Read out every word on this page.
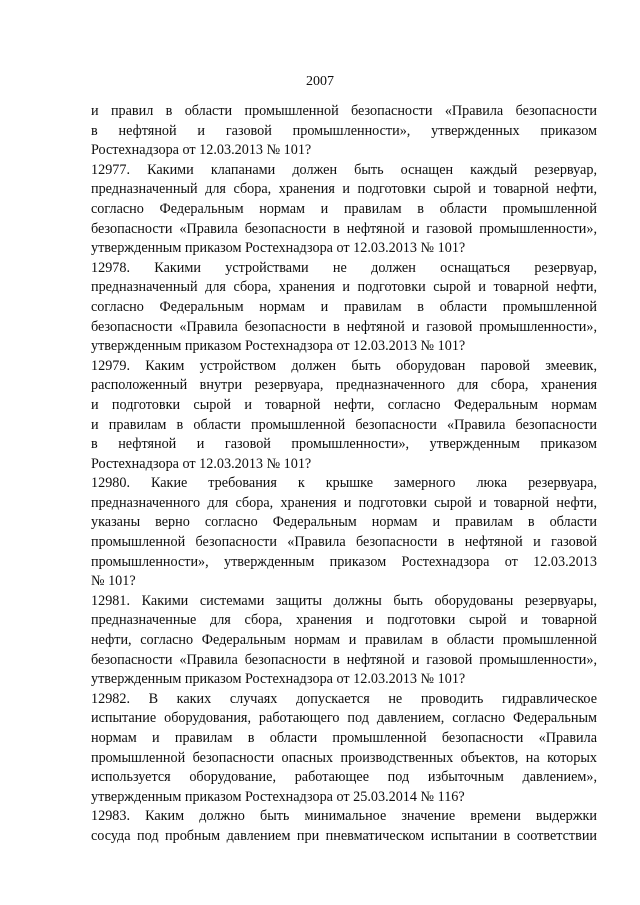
2007
и правил в области промышленной безопасности «Правила безопасности
в нефтяной и газовой промышленности», утвержденных приказом
Ростехнадзора от 12.03.2013 № 101?
12977. Какими клапанами должен быть оснащен каждый резервуар,
предназначенный для сбора, хранения и подготовки сырой и товарной нефти,
согласно Федеральным нормам и правилам в области промышленной
безопасности «Правила безопасности в нефтяной и газовой промышленности»,
утвержденным приказом Ростехнадзора от 12.03.2013 № 101?
12978. Какими устройствами не должен оснащаться резервуар,
предназначенный для сбора, хранения и подготовки сырой и товарной нефти,
согласно Федеральным нормам и правилам в области промышленной
безопасности «Правила безопасности в нефтяной и газовой промышленности»,
утвержденным приказом Ростехнадзора от 12.03.2013 № 101?
12979. Каким устройством должен быть оборудован паровой змеевик,
расположенный внутри резервуара, предназначенного для сбора, хранения
и подготовки сырой и товарной нефти, согласно Федеральным нормам
и правилам в области промышленной безопасности «Правила безопасности
в нефтяной и газовой промышленности», утвержденным приказом
Ростехнадзора от 12.03.2013 № 101?
12980. Какие требования к крышке замерного люка резервуара,
предназначенного для сбора, хранения и подготовки сырой и товарной нефти,
указаны верно согласно Федеральным нормам и правилам в области
промышленной безопасности «Правила безопасности в нефтяной и газовой
промышленности», утвержденным приказом Ростехнадзора от 12.03.2013
№ 101?
12981. Какими системами защиты должны быть оборудованы резервуары,
предназначенные для сбора, хранения и подготовки сырой и товарной
нефти, согласно Федеральным нормам и правилам в области промышленной
безопасности «Правила безопасности в нефтяной и газовой промышленности»,
утвержденным приказом Ростехнадзора от 12.03.2013 № 101?
12982. В каких случаях допускается не проводить гидравлическое
испытание оборудования, работающего под давлением, согласно Федеральным
нормам и правилам в области промышленной безопасности «Правила
промышленной безопасности опасных производственных объектов, на которых
используется оборудование, работающее под избыточным давлением»,
утвержденным приказом Ростехнадзора от 25.03.2014 № 116?
12983. Каким должно быть минимальное значение времени выдержки
сосуда под пробным давлением при пневматическом испытании в соответствии
